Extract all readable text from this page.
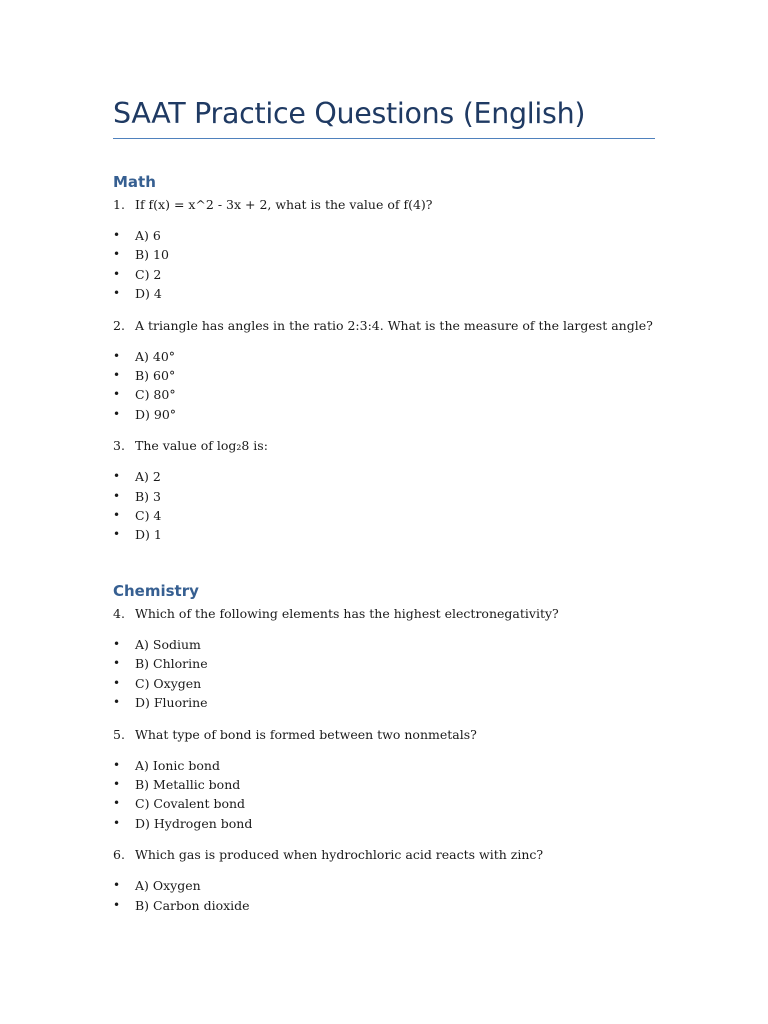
SAAT Practice Questions (English)
Math
1. If f(x) = x^2 - 3x + 2, what is the value of f(4)?
•	A) 6
•	B) 10
•	C) 2
•	D) 4
2. A triangle has angles in the ratio 2:3:4. What is the measure of the largest angle?
•	A) 40°
•	B) 60°
•	C) 80°
•	D) 90°
3. The value of log₂8 is:
•	A) 2
•	B) 3
•	C) 4
•	D) 1
Chemistry
4. Which of the following elements has the highest electronegativity?
•	A) Sodium
•	B) Chlorine
•	C) Oxygen
•	D) Fluorine
5. What type of bond is formed between two nonmetals?
•	A) Ionic bond
•	B) Metallic bond
•	C) Covalent bond
•	D) Hydrogen bond
6. Which gas is produced when hydrochloric acid reacts with zinc?
•	A) Oxygen
•	B) Carbon dioxide
